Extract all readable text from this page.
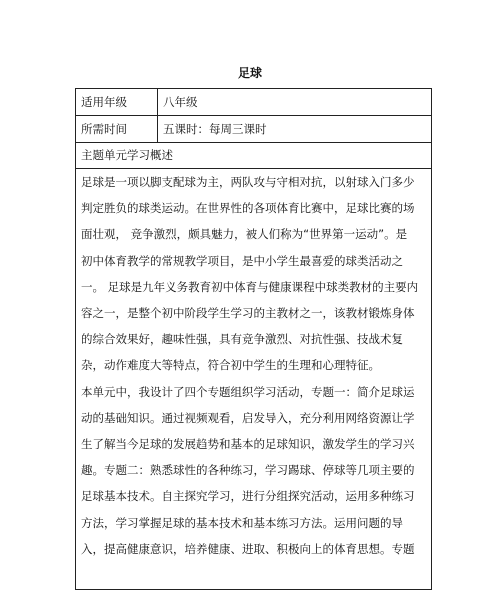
足球
适用年级	八年级
所需时间	五课时：每周三课时
主题单元学习概述
足球是一项以脚支配球为主，两队攻与守相对抗，以射球入门多少
判定胜负的球类运动。在世界性的各项体育比赛中，足球比赛的场
面壮观， 竞争激烈，颇具魅力，被人们称为“世界第一运动”。是
初中体育教学的常规教学项目，是中小学生最喜爱的球类活动之
一。 足球是九年义务教育初中体育与健康课程中球类教材的主要内
容之一，是整个初中阶段学生学习的主教材之一，该教材锻炼身体
的综合效果好，趣味性强，具有竞争激烈、对抗性强、技战术复
杂，动作难度大等特点，符合初中学生的生理和心理特征。
本单元中，我设计了四个专题组织学习活动，专题一：简介足球运
动的基础知识。通过视频观看，启发导入，充分利用网络资源让学
生了解当今足球的发展趋势和基本的足球知识，激发学生的学习兴
趣。专题二：熟悉球性的各种练习，学习踢球、停球等几项主要的
足球基本技术。自主探究学习，进行分组探究活动，运用多种练习
方法，学习掌握足球的基本技术和基本练习方法。运用问题的导
入，提高健康意识，培养健康、进取、积极向上的体育思想。专题
